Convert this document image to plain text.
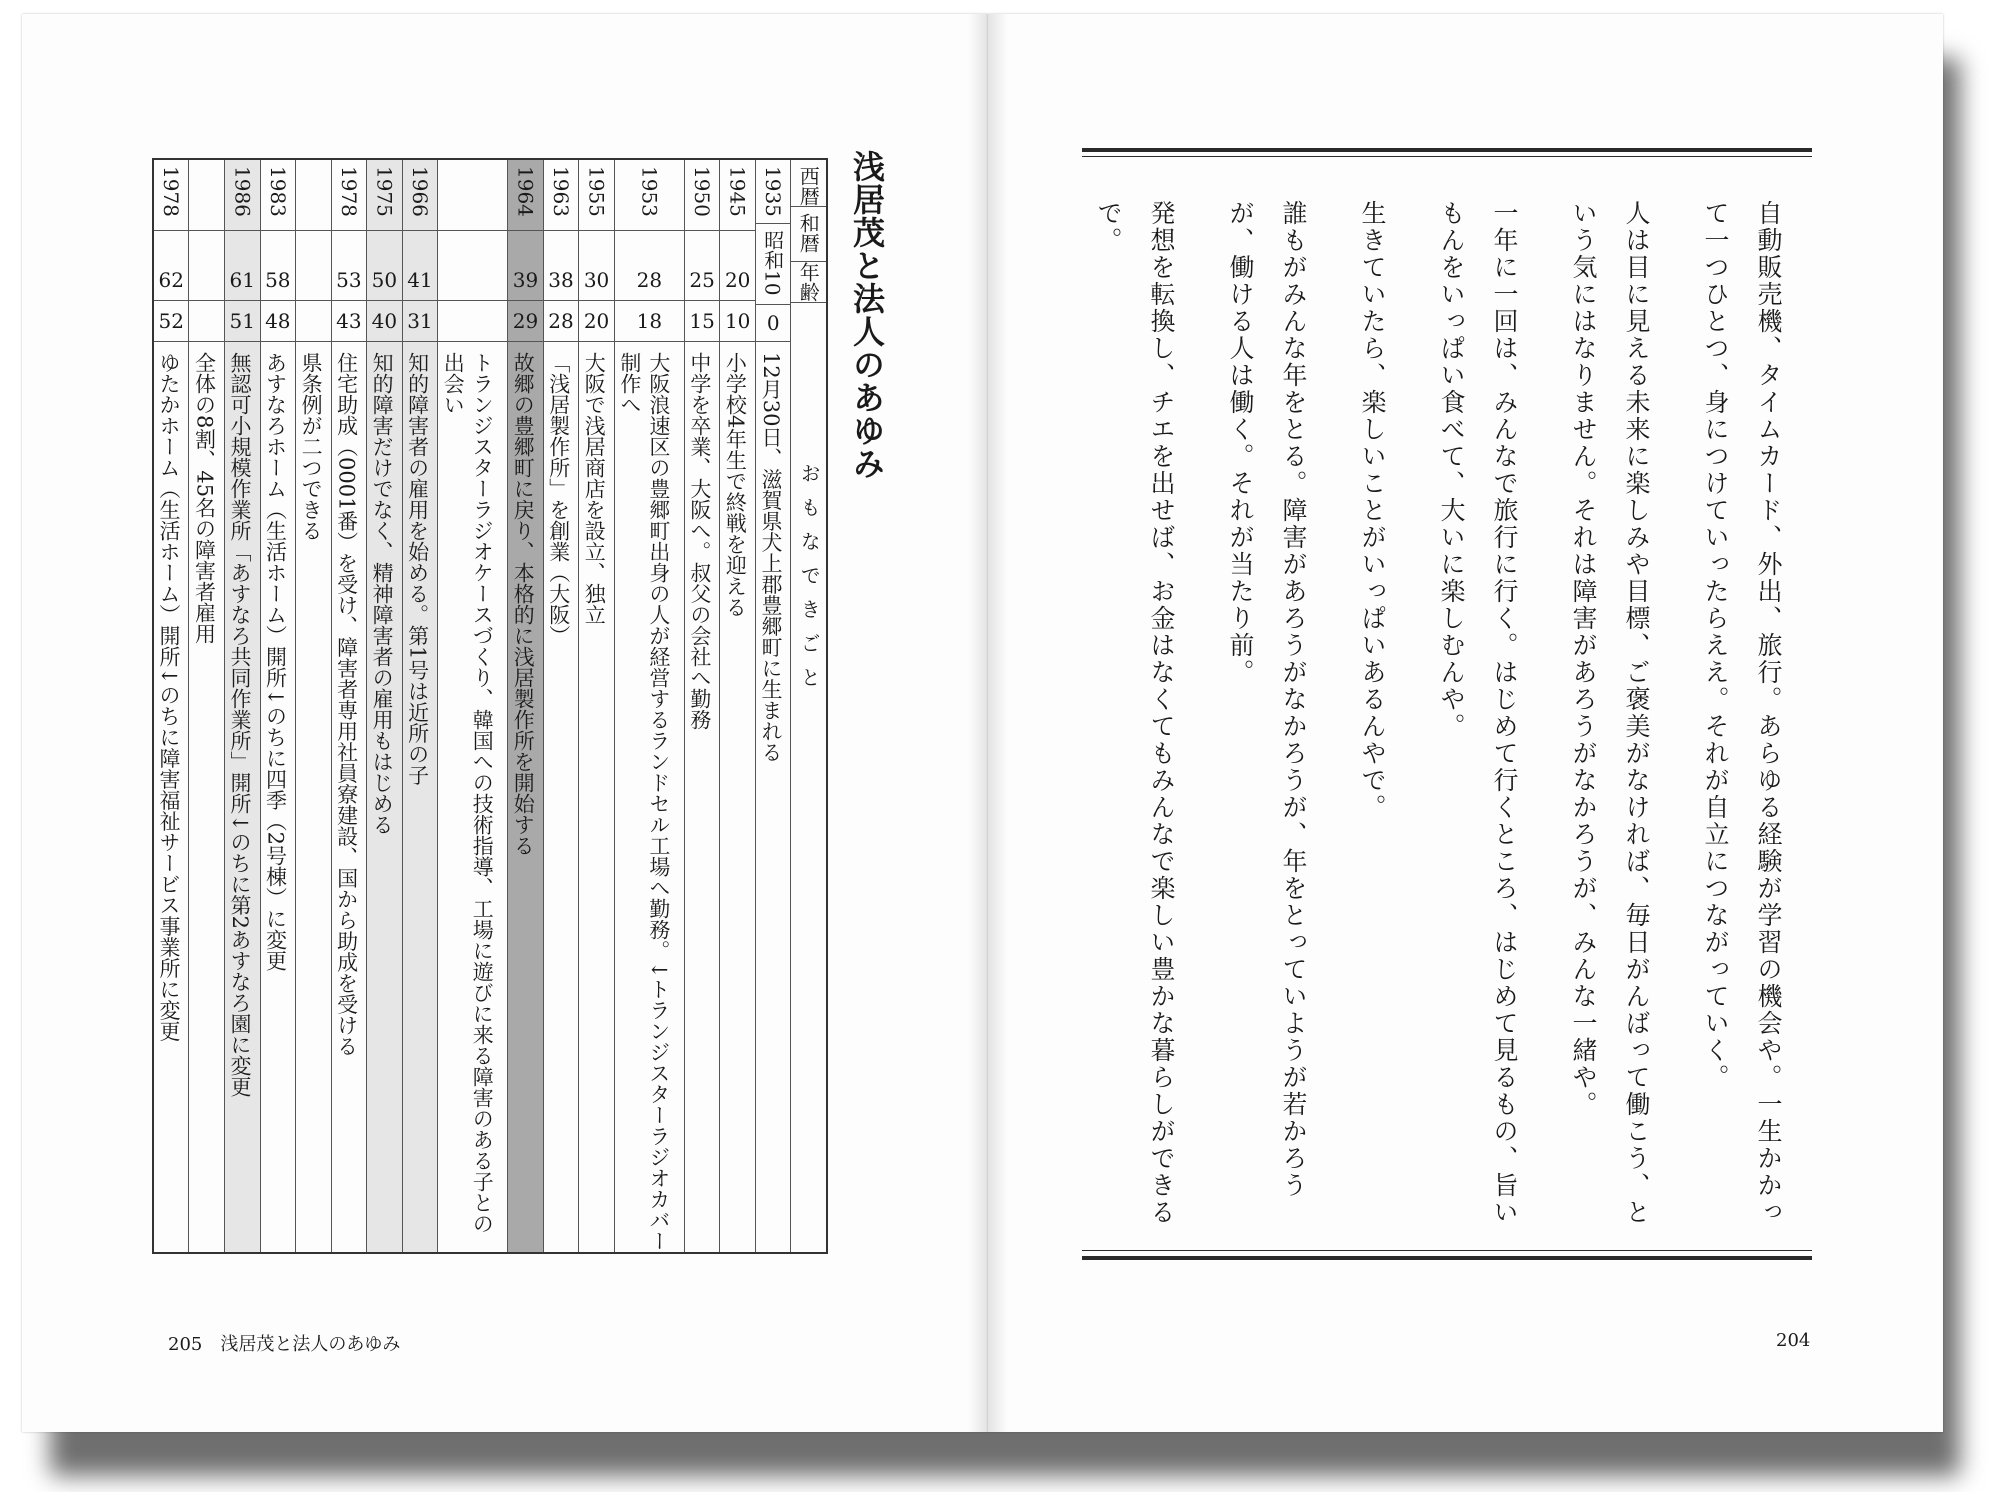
浅居茂と法人のあゆみ
西暦
和暦
年齢
おもなできごと
1935
昭和10
0
12月30日、滋賀県犬上郡豊郷町に生まれる
1945
20
10
小学校4年生で終戦を迎える
1950
25
15
中学を卒業、大阪へ。叔父の会社へ勤務
1953
28
18
大阪浪速区の豊郷町出身の人が経営するランドセル工場へ勤務。↓トランジスターラジオカバー制作へ
1955
30
20
大阪で浅居商店を設立、独立
1963
38
28
「浅居製作所」を創業（大阪）
1964
39
29
故郷の豊郷町に戻り、本格的に浅居製作所を開始する
トランジスターラジオケースづくり、韓国への技術指導、工場に遊びに来る障害のある子との出会い
1966
41
31
知的障害者の雇用を始める。第1号は近所の子
1975
50
40
知的障害だけでなく、精神障害者の雇用もはじめる
1978
53
43
住宅助成（0001番）を受け、障害者専用社員寮建設、国から助成を受ける
県条例が二つできる
1983
58
48
あすなろホーム（生活ホーム）開所↓のちに四季（2号棟）に変更
1986
61
51
無認可小規模作業所「あすなろ共同作業所」開所↓のちに第2あすなろ園に変更
全体の8割、45名の障害者雇用
1978
62
52
ゆたかホーム（生活ホーム）開所↓のちに障害福祉サービス事業所に変更
205 浅居茂と法人のあゆみ

自動販売機、タイムカード、外出、旅行。あらゆる経験が学習の機会や。一生かかって一つひとつ、身につけていったらええ。それが自立につながっていく。

人は目に見える未来に楽しみや目標、ご褒美がなければ、毎日がんばって働こう、という気にはなりません。それは障害があろうがなかろうが、みんな一緒や。

一年に一回は、みんなで旅行に行く。はじめて行くところ、はじめて見るもの、旨いもんをいっぱい食べて、大いに楽しむんや。

生きていたら、楽しいことがいっぱいあるんやで。

誰もがみんな年をとる。障害があろうがなかろうが、年をとっていようが若かろうが、働ける人は働く。それが当たり前。

発想を転換し、チエを出せば、お金はなくてもみんなで楽しい豊かな暮らしができるで。

204
